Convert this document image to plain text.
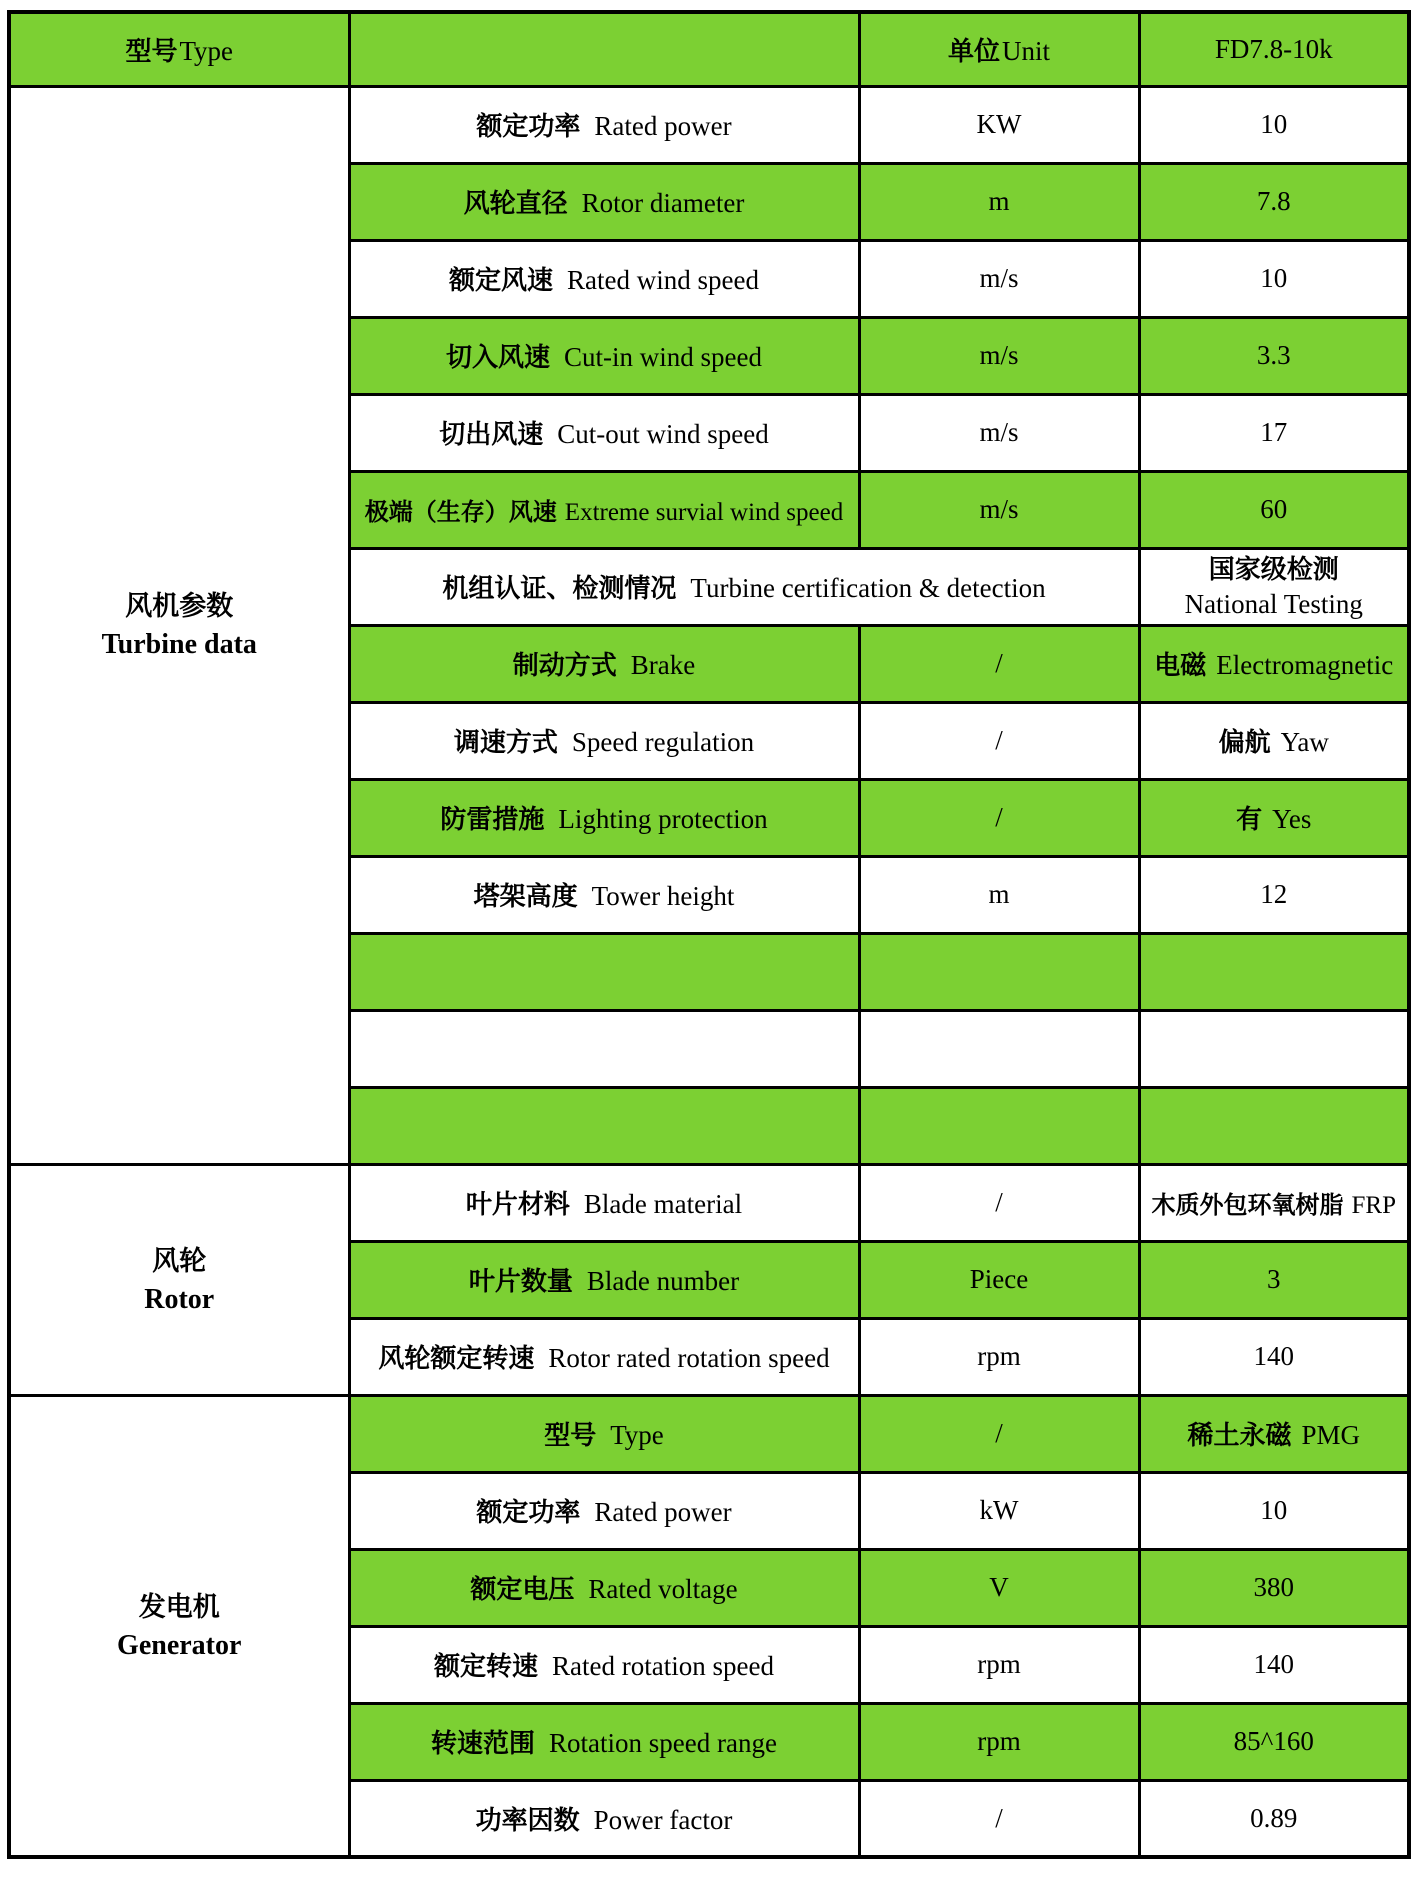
型号Type		单位Unit	FD7.8-10k

风机参数
Turbine data	额定功率 Rated power	KW	10
	风轮直径 Rotor diameter	m	7.8
	额定风速 Rated wind speed	m/s	10
	切入风速 Cut-in wind speed	m/s	3.3
	切出风速 Cut-out wind speed	m/s	17
	极端（生存）风速 Extreme survial wind speed	m/s	60
	机组认证、检测情况 Turbine certification & detection		国家级检测
National Testing

	制动方式 Brake	/	电磁 Electromagnetic
	调速方式 Speed regulation	/	偏航 Yaw
	防雷措施 Lighting protection	/	有 Yes
	塔架高度 Tower height	m	12

风轮
Rotor	叶片材料 Blade material	/	木质外包环氧树脂 FRP
	叶片数量 Blade number	Piece	3
	风轮额定转速 Rotor rated rotation speed	rpm	140

发电机
Generator	型号 Type	/	稀土永磁 PMG
	额定功率 Rated power	kW	10
	额定电压 Rated voltage	V	380
	额定转速 Rated rotation speed	rpm	140
	转速范围 Rotation speed range	rpm	85^160
	功率因数 Power factor	/	0.89
